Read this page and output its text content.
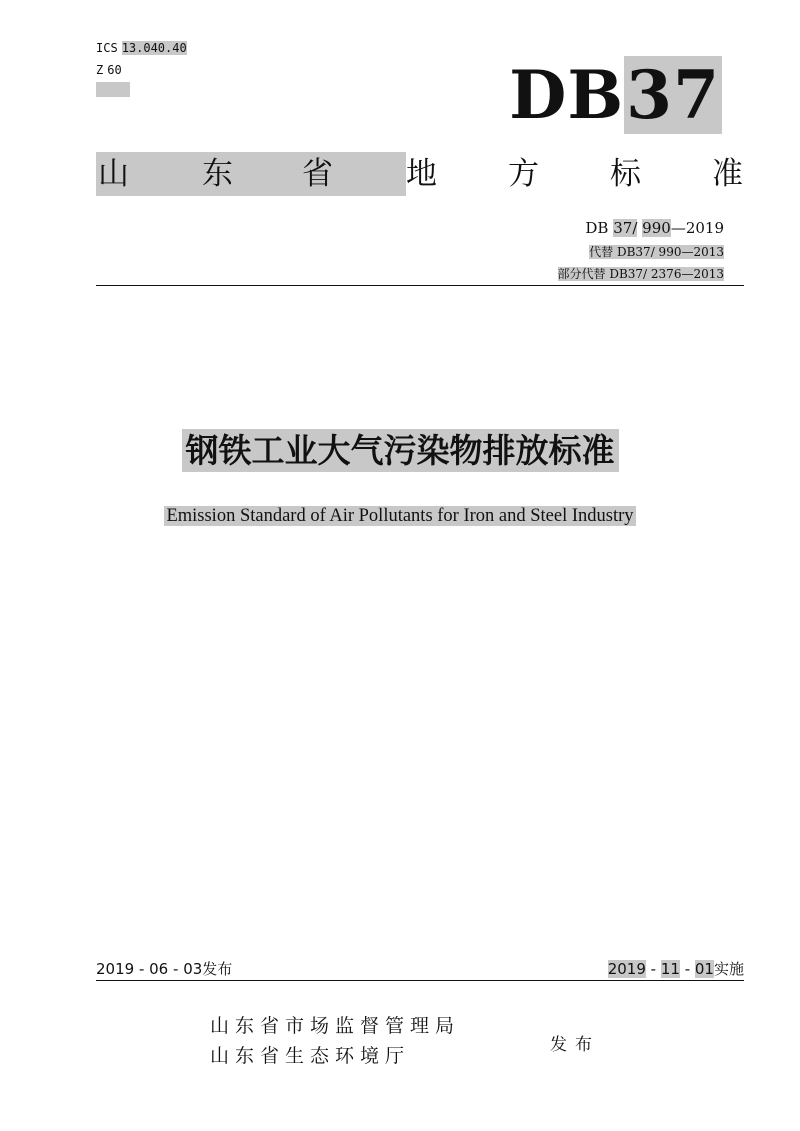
ICS 13.040.40
Z 60	DB37
山 东 省 地 方 标 准
DB 37/ 990—2019
代替 DB37/ 990—2013
部分代替 DB37/ 2376—2013
钢铁工业大气污染物排放标准
Emission Standard of Air Pollutants for Iron and Steel Industry
2019 - 06 - 03发布	2019 - 11 - 01实施
山东省市场监督管理局
山东省生态环境厅	发布
